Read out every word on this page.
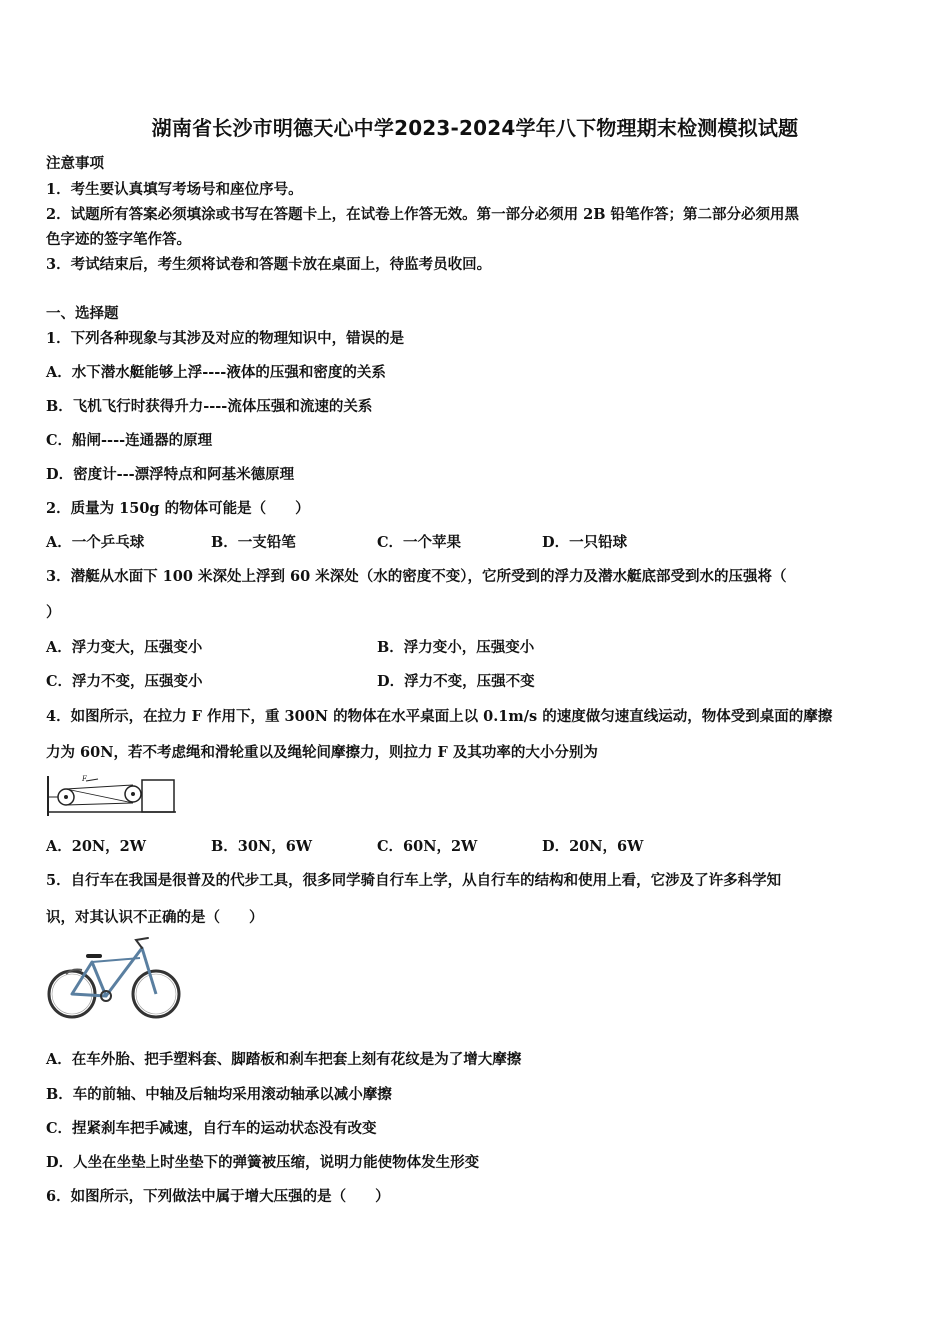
湖南省长沙市明德天心中学2023-2024学年八下物理期末检测模拟试题
注意事项
1．考生要认真填写考场号和座位序号。
2．试题所有答案必须填涂或书写在答题卡上，在试卷上作答无效。第一部分必须用 2B 铅笔作答；第二部分必须用黑
色字迹的签字笔作答。
3．考试结束后，考生须将试卷和答题卡放在桌面上，待监考员收回。
一、选择题
1．下列各种现象与其涉及对应的物理知识中，错误的是
A．水下潜水艇能够上浮----液体的压强和密度的关系
B．飞机飞行时获得升力----流体压强和流速的关系
C．船闸----连通器的原理
D．密度计---漂浮特点和阿基米德原理
2．质量为 150g 的物体可能是（　　）
A．一个乒乓球	B．一支铅笔	C．一个苹果	D．一只铅球
3．潜艇从水面下 100 米深处上浮到 60 米深处（水的密度不变），它所受到的浮力及潜水艇底部受到水的压强将（
）
A．浮力变大，压强变小	B．浮力变小，压强变小
C．浮力不变，压强变小	D．浮力不变，压强不变
4．如图所示，在拉力 F 作用下，重 300N 的物体在水平桌面上以 0.1m/s 的速度做匀速直线运动，物体受到桌面的摩擦
力为 60N，若不考虑绳和滑轮重以及绳轮间摩擦力，则拉力 F 及其功率的大小分别为
F
A．20N，2W	B．30N，6W	C．60N，2W	D．20N，6W
5．自行车在我国是很普及的代步工具，很多同学骑自行车上学，从自行车的结构和使用上看，它涉及了许多科学知
识，对其认识不正确的是（　　）
A．在车外胎、把手塑料套、脚踏板和刹车把套上刻有花纹是为了增大摩擦
B．车的前轴、中轴及后轴均采用滚动轴承以减小摩擦
C．捏紧刹车把手减速，自行车的运动状态没有改变
D．人坐在坐垫上时坐垫下的弹簧被压缩，说明力能使物体发生形变
6．如图所示，下列做法中属于增大压强的是（　　）
